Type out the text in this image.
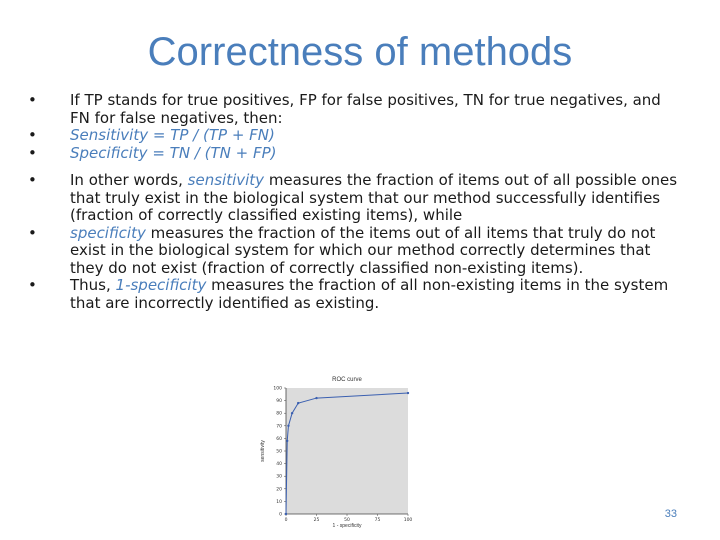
Correctness of methods
•	If TP stands for true positives, FP for false positives, TN for true negatives, and FN for false negatives, then:
•	Sensitivity = TP / (TP + FN)
•	Specificity = TN / (TN + FP)
•	In other words, sensitivity measures the fraction of items out of all possible ones that truly exist in the biological system that our method successfully identifies (fraction of correctly classified existing items), while
•	specificity measures the fraction of the items out of all items that truly do not exist in the biological system for which our method correctly determines that they do not exist (fraction of correctly classified non-existing items).
•	Thus, 1-specificity measures the fraction of all non-existing items in the system that are incorrectly identified as existing.
ROC curve
0
10
20
30
40
50
60
70
80
90
100
0	25	50	75	100
sensitivity
1 - specificity
33
